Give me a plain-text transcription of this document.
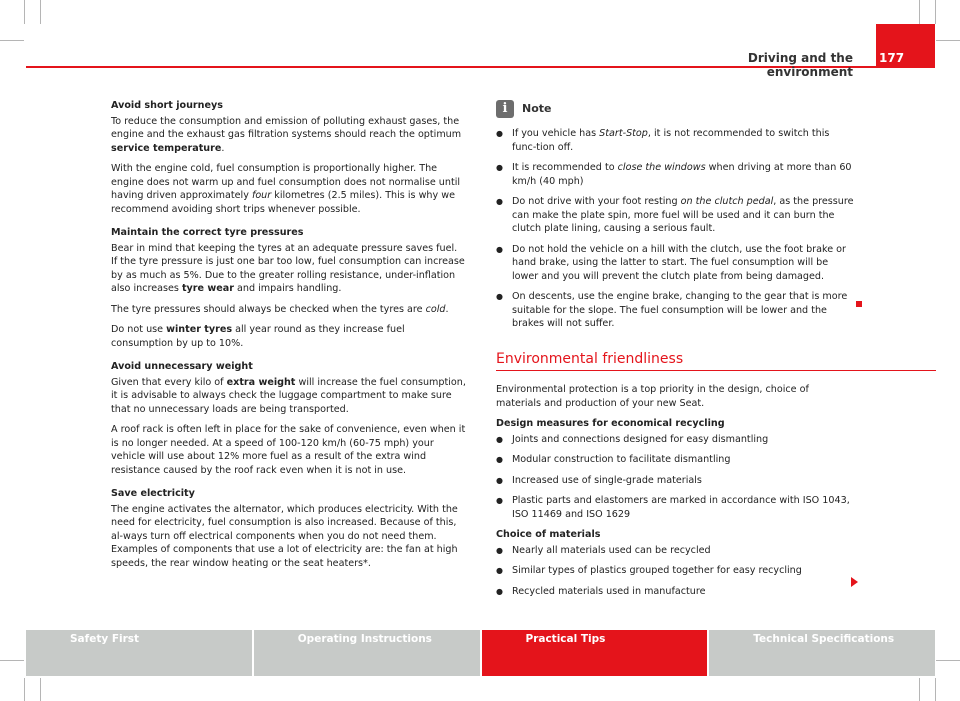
Driving and the environment
177

Avoid short journeys

To reduce the consumption and emission of polluting exhaust gases, the engine and the exhaust gas filtration systems should reach the optimum service temperature.

With the engine cold, fuel consumption is proportionally higher. The engine does not warm up and fuel consumption does not normalise until having driven approximately four kilometres (2.5 miles). This is why we recommend avoiding short trips whenever possible.

Maintain the correct tyre pressures

Bear in mind that keeping the tyres at an adequate pressure saves fuel. If the tyre pressure is just one bar too low, fuel consumption can increase by as much as 5%. Due to the greater rolling resistance, under-inflation also increases tyre wear and impairs handling.

The tyre pressures should always be checked when the tyres are cold.

Do not use winter tyres all year round as they increase fuel consumption by up to 10%.

Avoid unnecessary weight

Given that every kilo of extra weight will increase the fuel consumption, it is advisable to always check the luggage compartment to make sure that no unnecessary loads are being transported.

A roof rack is often left in place for the sake of convenience, even when it is no longer needed. At a speed of 100-120 km/h (60-75 mph) your vehicle will use about 12% more fuel as a result of the extra wind resistance caused by the roof rack even when it is not in use.

Save electricity

The engine activates the alternator, which produces electricity. With the need for electricity, fuel consumption is also increased. Because of this, al-ways turn off electrical components when you do not need them. Examples of components that use a lot of electricity are: the fan at high speeds, the rear window heating or the seat heaters*.

i	Note
● If you vehicle has Start-Stop, it is not recommended to switch this func-tion off.
● It is recommended to close the windows when driving at more than 60 km/h (40 mph)
● Do not drive with your foot resting on the clutch pedal, as the pressure can make the plate spin, more fuel will be used and it can burn the clutch plate lining, causing a serious fault.
● Do not hold the vehicle on a hill with the clutch, use the foot brake or hand brake, using the latter to start. The fuel consumption will be lower and you will prevent the clutch plate from being damaged.
● On descents, use the engine brake, changing to the gear that is more suitable for the slope. The fuel consumption will be lower and the brakes will not suffer.
Environmental friendliness

Environmental protection is a top priority in the design, choice of materials and production of your new Seat.

Design measures for economical recycling

● Joints and connections designed for easy dismantling
● Modular construction to facilitate dismantling
● Increased use of single-grade materials
● Plastic parts and elastomers are marked in accordance with ISO 1043, ISO 11469 and ISO 1629

Choice of materials

● Nearly all materials used can be recycled
● Similar types of plastics grouped together for easy recycling
● Recycled materials used in manufacture
Safety First	Operating Instructions	Practical Tips	Technical Specifications
